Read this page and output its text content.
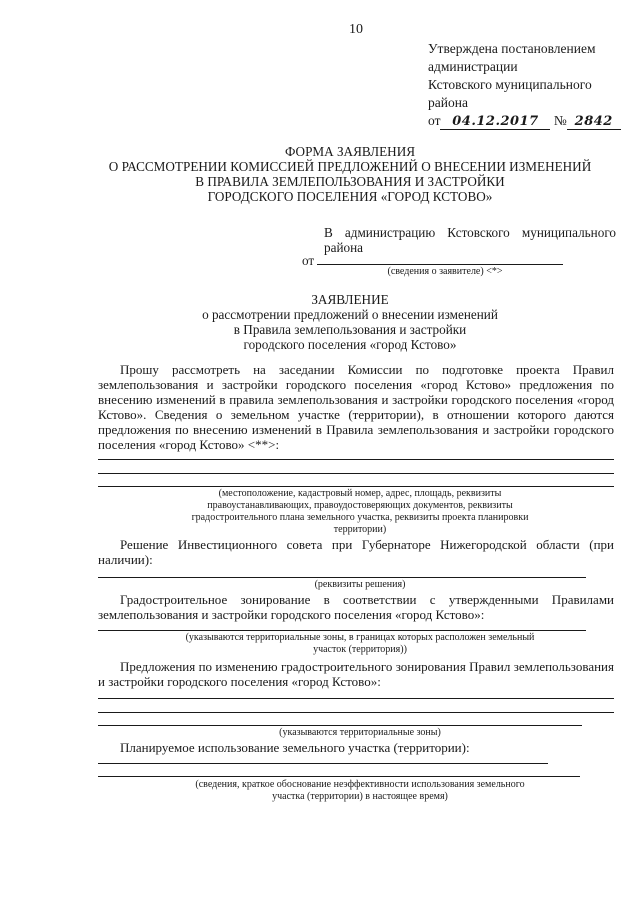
10
Утверждена постановлением
администрации
Кстовского муниципального
района
от 04.12.2017 № 2842
ФОРМА ЗАЯВЛЕНИЯ
О РАССМОТРЕНИИ КОМИССИЕЙ ПРЕДЛОЖЕНИЙ О ВНЕСЕНИИ ИЗМЕНЕНИЙ
В ПРАВИЛА ЗЕМЛЕПОЛЬЗОВАНИЯ И ЗАСТРОЙКИ
ГОРОДСКОГО ПОСЕЛЕНИЯ «ГОРОД КСТОВО»
В администрацию Кстовского муниципального района
от
(сведения о заявителе) <*>
ЗАЯВЛЕНИЕ
о рассмотрении предложений о внесении изменений
в Правила землепользования и застройки
городского поселения «город Кстово»
Прошу рассмотреть на заседании Комиссии по подготовке проекта Правил землепользования и застройки городского поселения «город Кстово» предложения по внесению изменений в правила землепользования и застройки городского поселения «город Кстово». Сведения о земельном участке (территории), в отношении которого даются предложения по внесению изменений в Правила землепользования и застройки городского поселения «город Кстово» <**>:
(местоположение, кадастровый номер, адрес, площадь, реквизиты
правоустанавливающих, правоудостоверяющих документов, реквизиты
градостроительного плана земельного участка, реквизиты проекта планировки
территории)
Решение Инвестиционного совета при Губернаторе Нижегородской области (при наличии):
(реквизиты решения)
Градостроительное зонирование в соответствии с утвержденными Правилами землепользования и застройки городского поселения «город Кстово»:
(указываются территориальные зоны, в границах которых расположен земельный
участок (территория))
Предложения по изменению градостроительного зонирования Правил землепользования и застройки городского поселения «город Кстово»:
(указываются территориальные зоны)
Планируемое использование земельного участка (территории):
(сведения, краткое обоснование неэффективности использования земельного
участка (территории) в настоящее время)
